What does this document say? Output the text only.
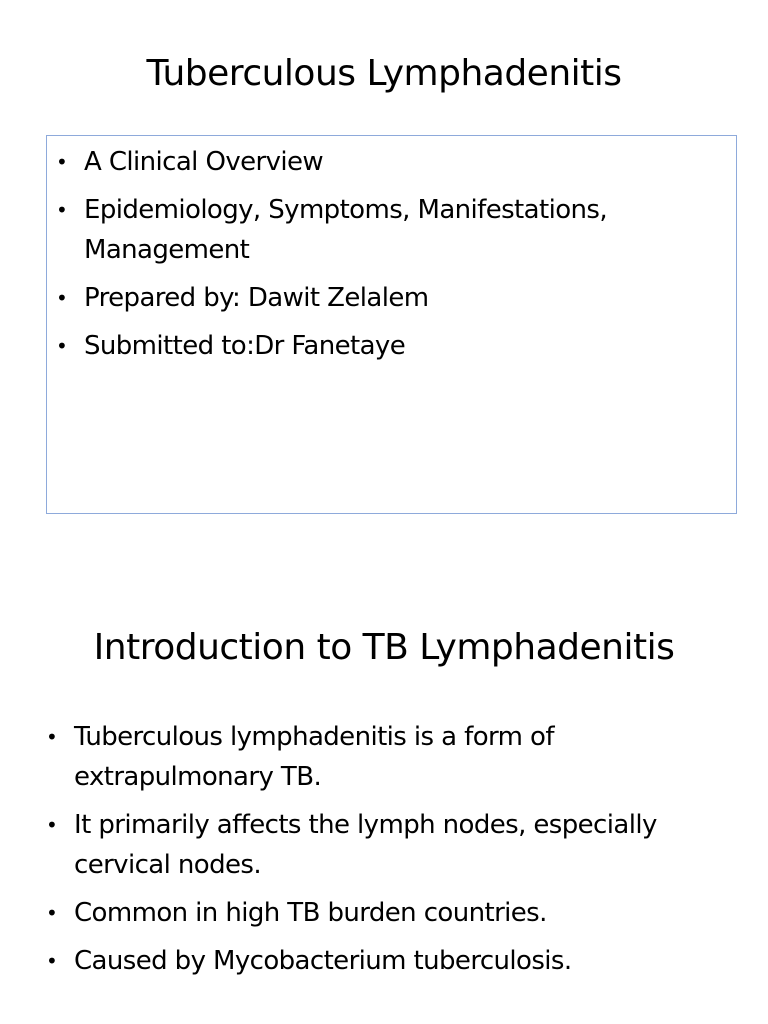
Tuberculous Lymphadenitis
• A Clinical Overview
• Epidemiology, Symptoms, Manifestations, Management
• Prepared by: Dawit Zelalem
• Submitted to:Dr Fanetaye
Introduction to TB Lymphadenitis
• Tuberculous lymphadenitis is a form of extrapulmonary TB.
• It primarily affects the lymph nodes, especially cervical nodes.
• Common in high TB burden countries.
• Caused by Mycobacterium tuberculosis.
